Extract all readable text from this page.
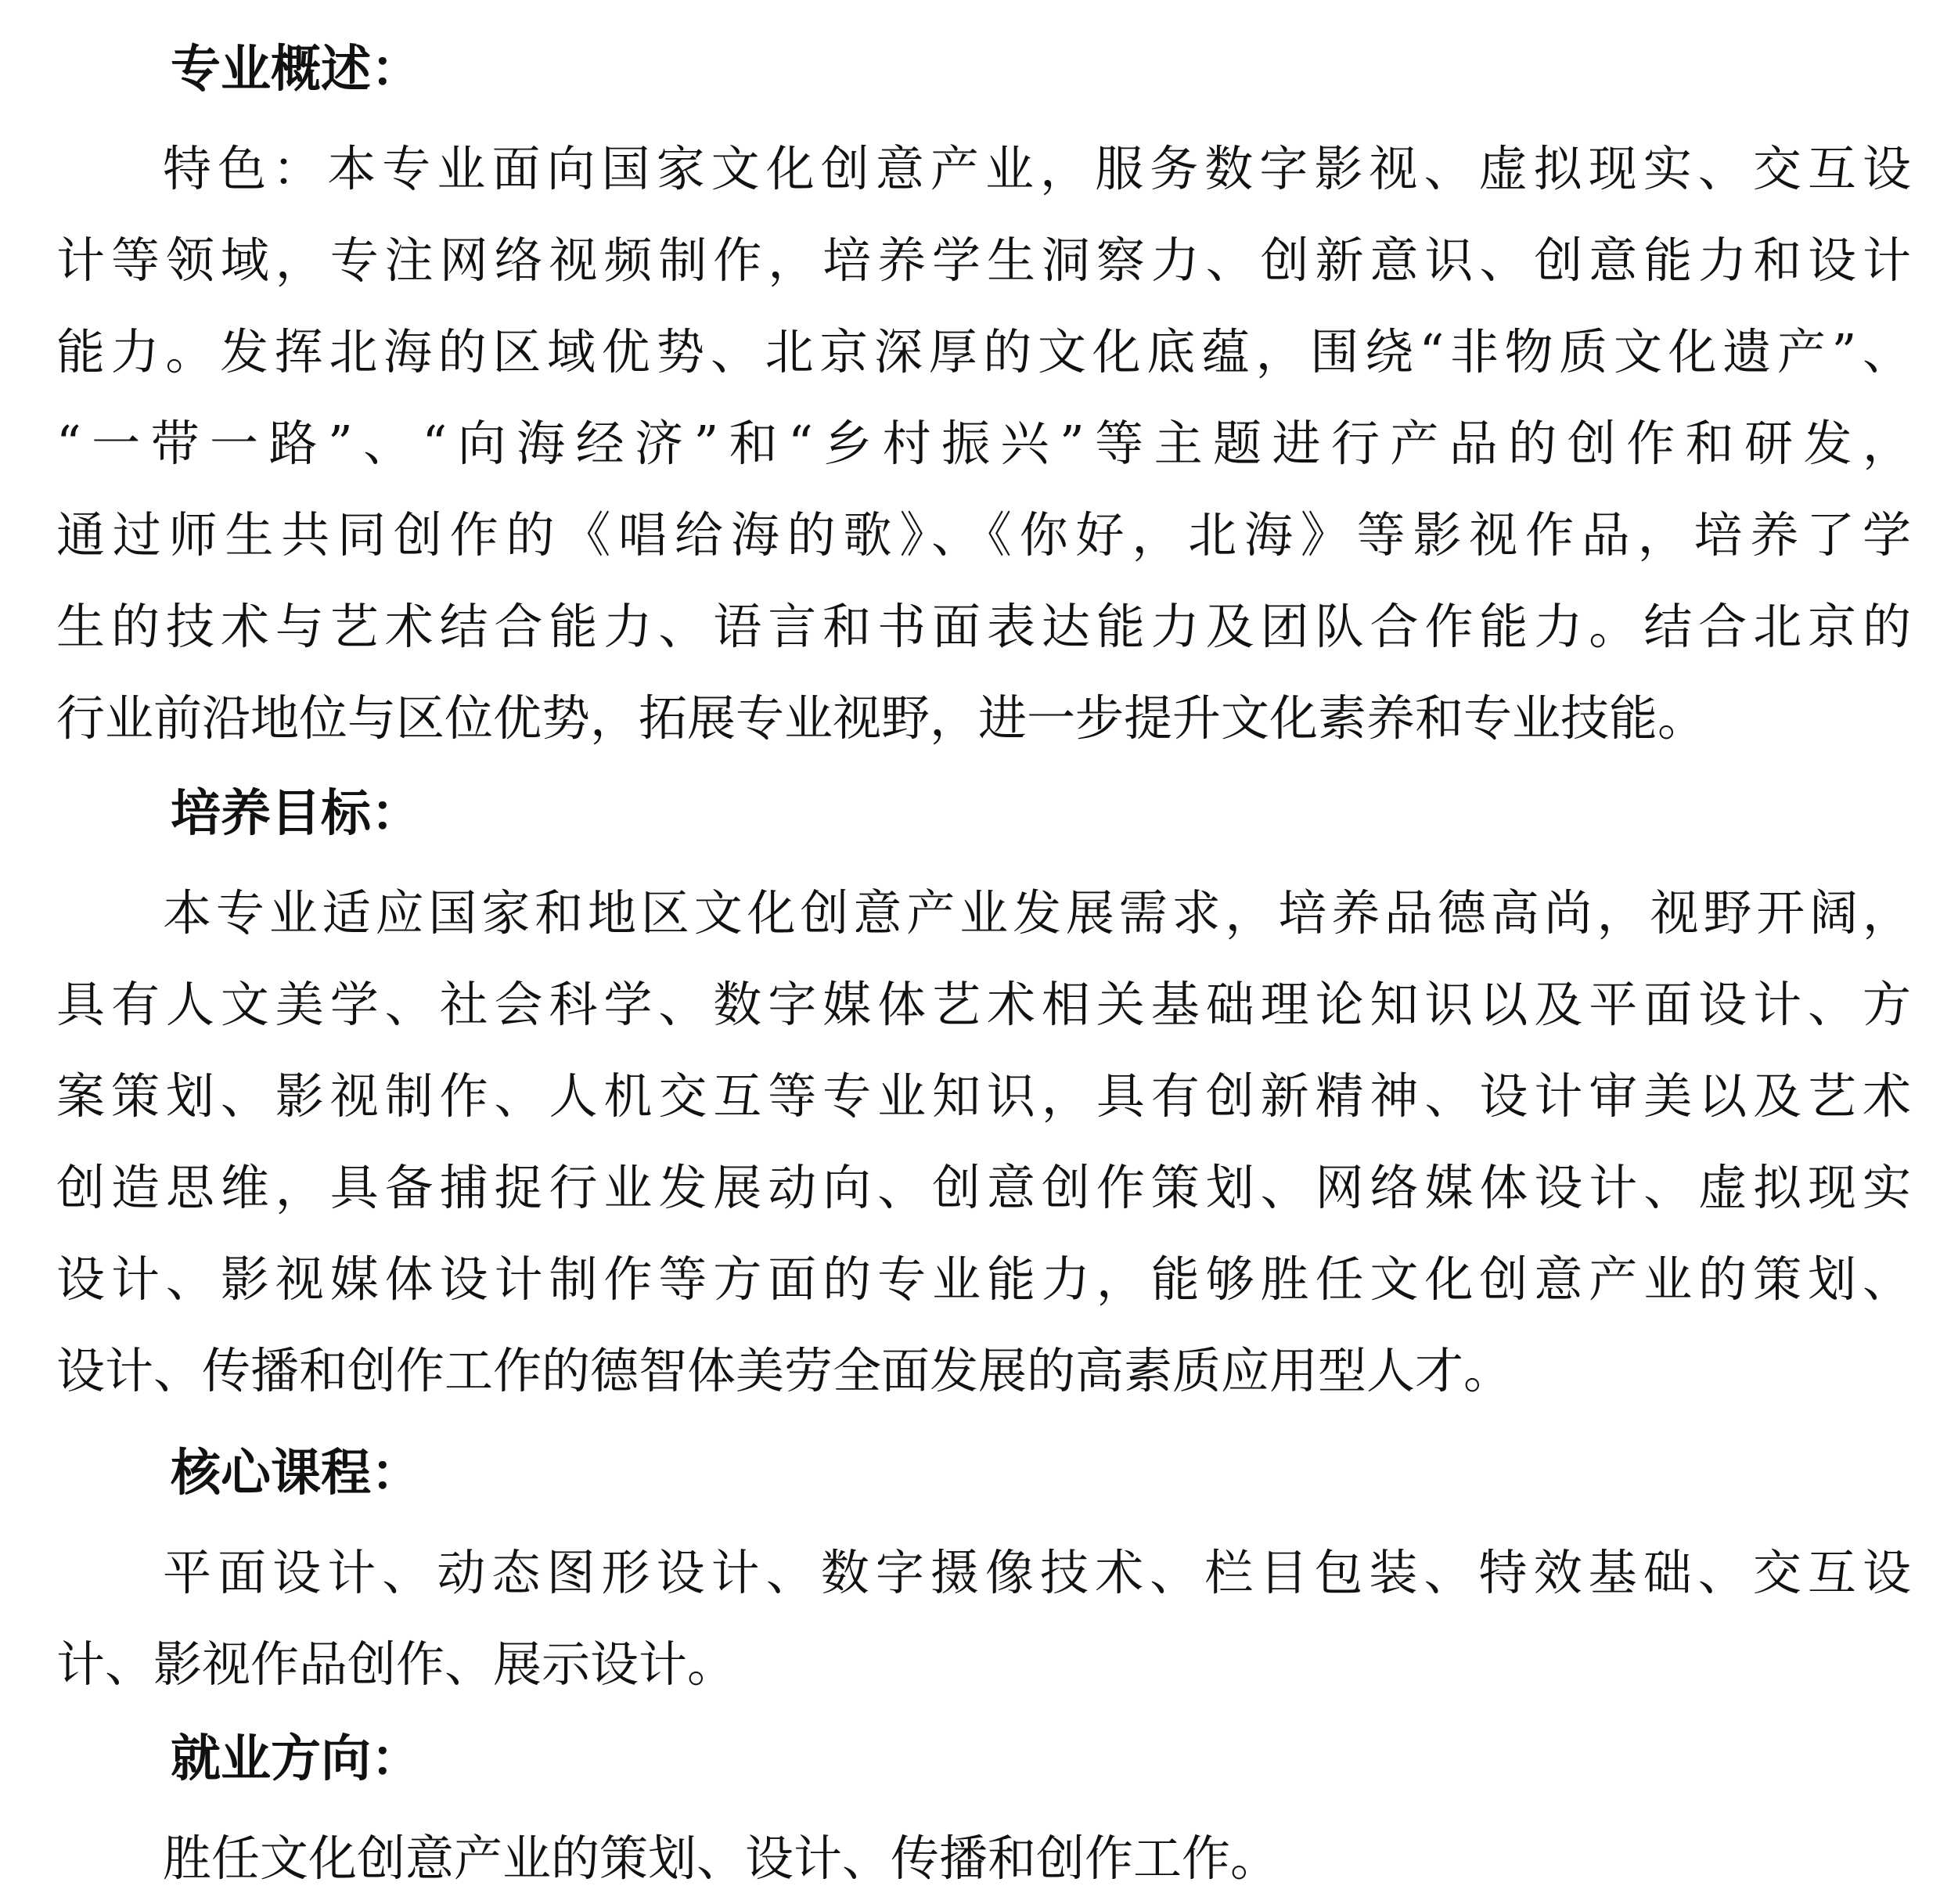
专业概述：
特色：本专业面向国家文化创意产业，服务数字影视、虚拟现实、交互设
计等领域，专注网络视频制作，培养学生洞察力、创新意识、创意能力和设计
能力。发挥北海的区域优势、北京深厚的文化底蕴，围绕“非物质文化遗产”、
“一带一路”、“向海经济”和“乡村振兴”等主题进行产品的创作和研发，
通过师生共同创作的《唱给海的歌》、《你好，北海》等影视作品，培养了学
生的技术与艺术结合能力、语言和书面表达能力及团队合作能力。结合北京的
行业前沿地位与区位优势，拓展专业视野，进一步提升文化素养和专业技能。
培养目标：
本专业适应国家和地区文化创意产业发展需求，培养品德高尚，视野开阔，
具有人文美学、社会科学、数字媒体艺术相关基础理论知识以及平面设计、方
案策划、影视制作、人机交互等专业知识，具有创新精神、设计审美以及艺术
创造思维，具备捕捉行业发展动向、创意创作策划、网络媒体设计、虚拟现实
设计、影视媒体设计制作等方面的专业能力，能够胜任文化创意产业的策划、
设计、传播和创作工作的德智体美劳全面发展的高素质应用型人才。
核心课程：
平面设计、动态图形设计、数字摄像技术、栏目包装、特效基础、交互设
计、影视作品创作、展示设计。
就业方向：
胜任文化创意产业的策划、设计、传播和创作工作。
